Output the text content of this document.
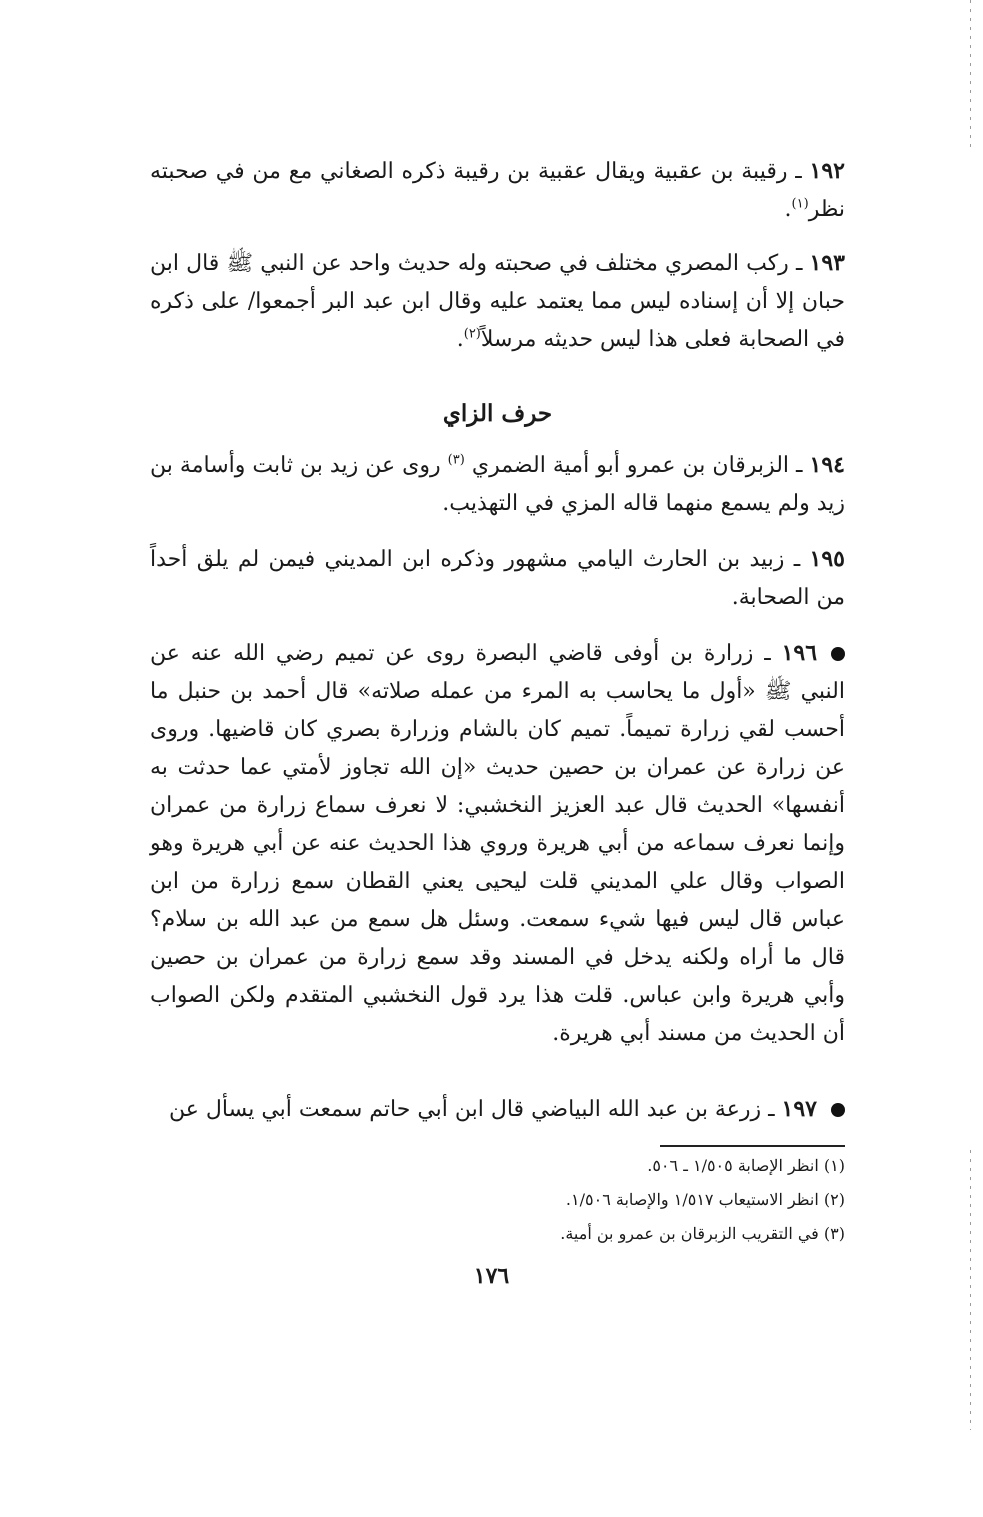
١٩٢ ـ رقيبة بن عقبية ويقال عقبية بن رقيبة ذكره الصغاني مع من في صحبته نظر$^{(١)}$.

١٩٣ ـ ركب المصري مختلف في صحبته وله حديث واحد عن النبي ﷺ قال ابن حبان إلا أن إسناده ليس مما يعتمد عليه وقال ابن عبد البر أجمعوا/ على ذكره في الصحابة فعلى هذا ليس حديثه مرسلاً$^{(٢)}$.

حرف الزاي

١٩٤ ـ الزبرقان بن عمرو أبو أمية الضمري $^{(٣)}$ روى عن زيد بن ثابت وأسامة بن زيد ولم يسمع منهما قاله المزي في التهذيب.

١٩٥ ـ زبيد بن الحارث اليامي مشهور وذكره ابن المديني فيمن لم يلق أحداً من الصحابة.

١٩٦ ـ زرارة بن أوفى قاضي البصرة روى عن تميم رضي الله عنه عن النبي ﷺ «أول ما يحاسب به المرء من عمله صلاته» قال أحمد بن حنبل ما أحسب لقي زرارة تميماً. تميم كان بالشام وزرارة بصري كان قاضيها. وروى عن زرارة عن عمران بن حصين حديث «إن الله تجاوز لأمتي عما حدثت به أنفسها» الحديث قال عبد العزيز النخشبي: لا نعرف سماع زرارة من عمران وإنما نعرف سماعه من أبي هريرة وروي هذا الحديث عنه عن أبي هريرة وهو الصواب وقال علي المديني قلت ليحيى يعني القطان سمع زرارة من ابن عباس قال ليس فيها شيء سمعت. وسئل هل سمع من عبد الله بن سلام؟ قال ما أراه ولكنه يدخل في المسند وقد سمع زرارة من عمران بن حصين وأبي هريرة وابن عباس. قلت هذا يرد قول النخشبي المتقدم ولكن الصواب أن الحديث من مسند أبي هريرة.

١٩٧ ـ زرعة بن عبد الله البياضي قال ابن أبي حاتم سمعت أبي يسأل عن

(١) انظر الإصابة ١/٥٠٥ ـ ٥٠٦.

(٢) انظر الاستيعاب ١/٥١٧ والإصابة ١/٥٠٦.

(٣) في التقريب الزبرقان بن عمرو بن أمية.

١٧٦
